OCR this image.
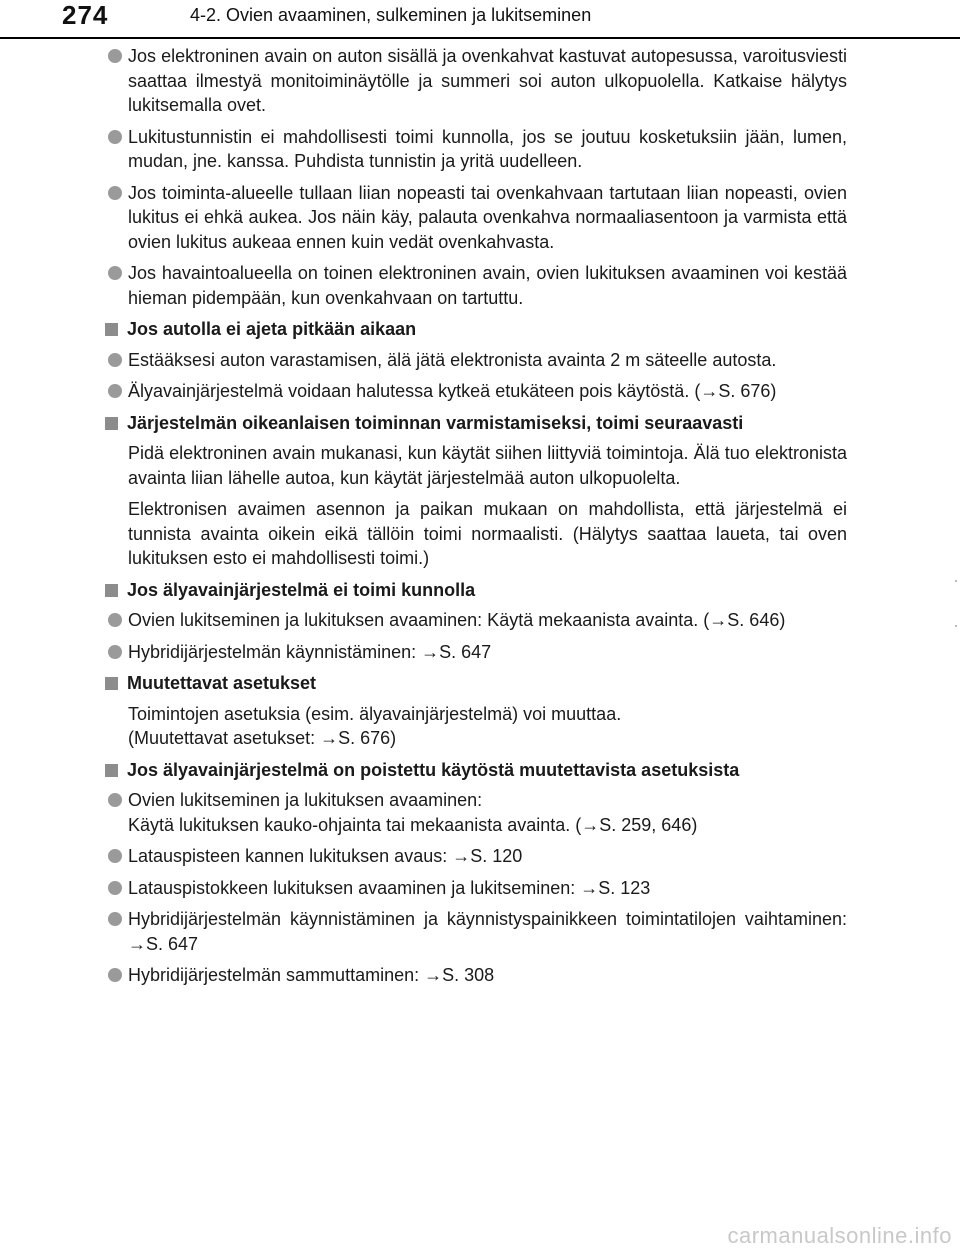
274	4-2. Ovien avaaminen, sulkeminen ja lukitseminen
Jos elektroninen avain on auton sisällä ja ovenkahvat kastuvat autopesussa, varoitusviesti saattaa ilmestyä monitoiminäytölle ja summeri soi auton ulkopuolella. Katkaise hälytys lukitsemalla ovet.
Lukitustunnistin ei mahdollisesti toimi kunnolla, jos se joutuu kosketuksiin jään, lumen, mudan, jne. kanssa. Puhdista tunnistin ja yritä uudelleen.
Jos toiminta-alueelle tullaan liian nopeasti tai ovenkahvaan tartutaan liian nopeasti, ovien lukitus ei ehkä aukea. Jos näin käy, palauta ovenkahva normaaliasentoon ja varmista että ovien lukitus aukeaa ennen kuin vedät ovenkahvasta.
Jos havaintoalueella on toinen elektroninen avain, ovien lukituksen avaaminen voi kestää hieman pidempään, kun ovenkahvaan on tartuttu.
Jos autolla ei ajeta pitkään aikaan
Estääksesi auton varastamisen, älä jätä elektronista avainta 2 m säteelle autosta.
Älyavainjärjestelmä voidaan halutessa kytkeä etukäteen pois käytöstä. (→S. 676)
Järjestelmän oikeanlaisen toiminnan varmistamiseksi, toimi seuraavasti
Pidä elektroninen avain mukanasi, kun käytät siihen liittyviä toimintoja. Älä tuo elektronista avainta liian lähelle autoa, kun käytät järjestelmää auton ulkopuolelta.
Elektronisen avaimen asennon ja paikan mukaan on mahdollista, että järjestelmä ei tunnista avainta oikein eikä tällöin toimi normaalisti. (Hälytys saattaa laueta, tai oven lukituksen esto ei mahdollisesti toimi.)
Jos älyavainjärjestelmä ei toimi kunnolla
Ovien lukitseminen ja lukituksen avaaminen: Käytä mekaanista avainta. (→S. 646)
Hybridijärjestelmän käynnistäminen: →S. 647
Muutettavat asetukset
Toimintojen asetuksia (esim. älyavainjärjestelmä) voi muuttaa.
(Muutettavat asetukset: →S. 676)
Jos älyavainjärjestelmä on poistettu käytöstä muutettavista asetuksista
Ovien lukitseminen ja lukituksen avaaminen:
Käytä lukituksen kauko-ohjainta tai mekaanista avainta. (→S. 259, 646)
Latauspisteen kannen lukituksen avaus: →S. 120
Latauspistokkeen lukituksen avaaminen ja lukitseminen: →S. 123
Hybridijärjestelmän käynnistäminen ja käynnistyspainikkeen toimintatilojen vaihtaminen: →S. 647
Hybridijärjestelmän sammuttaminen: →S. 308
carmanualsonline.info
